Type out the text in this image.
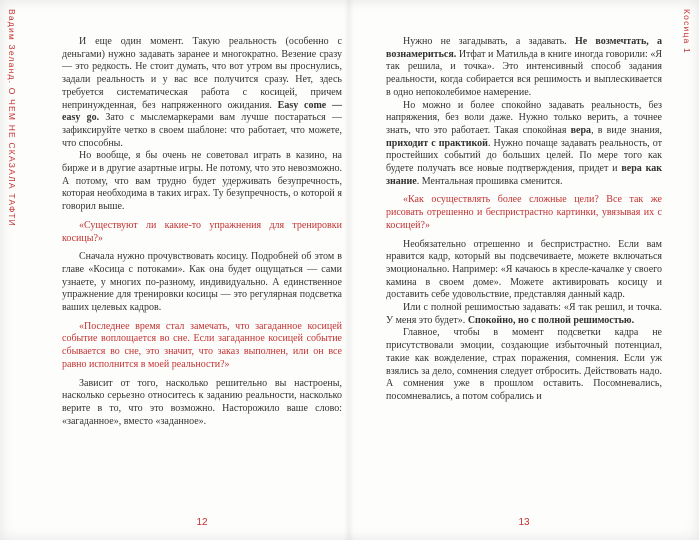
Вадим Зеланд. О ЧЕМ НЕ СКАЗАЛА ТАФТИ	И еще один момент. Такую реальность (особенно с деньгами) нужно задавать заранее и многократно. Везение сразу — это редкость. Не стоит думать, что вот утром вы проснулись, задали реальность и у вас все получится сразу. Нет, здесь требуется систематическая работа с косицей, причем непринужденная, без напряженного ожидания. Easy come — easy go. Зато с мыслемаркерами вам лучше постараться — зафиксируйте четко в своем шаблоне: что работает, что можете, что способны.

Но вообще, я бы очень не советовал играть в казино, на бирже и в другие азартные игры. Не потому, что это невозможно. А потому, что вам трудно будет удерживать безупречность, которая необходима в таких играх. Ту безупречность, о которой я говорил выше.

«Существуют ли какие-то упражнения для тренировки косицы?»

Сначала нужно прочувствовать косицу. Подробней об этом в главе «Косица с потоками». Как она будет ощущаться — сами узнаете, у многих по-разному, индивидуально. А единственное упражнение для тренировки косицы — это регулярная подсветка ваших целевых кадров.

«Последнее время стал замечать, что загаданное косицей событие воплощается во сне. Если загаданное косицей событие сбывается во сне, это значит, что заказ выполнен, или он все равно исполнится в моей реальности?»

Зависит от того, насколько решительно вы настроены, насколько серьезно относитесь к заданию реальности, насколько верите в то, что это возможно. Насторожило ваше слово: «загаданное», вместо «заданное».

12
Косица 1

Нужно не загадывать, а задавать. Не возмечтать, а вознамериться. Итфат и Матильда в книге иногда говорили: «Я так решила, и точка». Это интенсивный способ задания реальности, когда собирается вся решимость и выплескивается в одно непоколебимое намерение.

Но можно и более спокойно задавать реальность, без напряжения, без воли даже. Нужно только верить, а точнее знать, что это работает. Такая спокойная вера, в виде знания, приходит с практикой. Нужно почаще задавать реальность, от простейших событий до больших целей. По мере того как будете получать все новые подтверждения, придет и вера как знание. Ментальная прошивка сменится.

«Как осуществлять более сложные цели? Все так же рисовать отрешенно и беспристрастно картинки, увязывая их с косицей?»

Необязательно отрешенно и беспристрастно. Если вам нравится кадр, который вы подсвечиваете, можете включаться эмоционально. Например: «Я качаюсь в кресле-качалке у своего камина в своем доме». Можете активировать косицу и доставить себе удовольствие, представляя данный кадр.

Или с полной решимостью задавать: «Я так решил, и точка. У меня это будет». Спокойно, но с полной решимостью.

Главное, чтобы в момент подсветки кадра не присутствовали эмоции, создающие избыточный потенциал, такие как вожделение, страх поражения, сомнения. Если уж взялись за дело, сомнения следует отбросить. Действовать надо. А сомнения уже в прошлом оставить. Посомневались, посомневались, а потом собрались и

13
